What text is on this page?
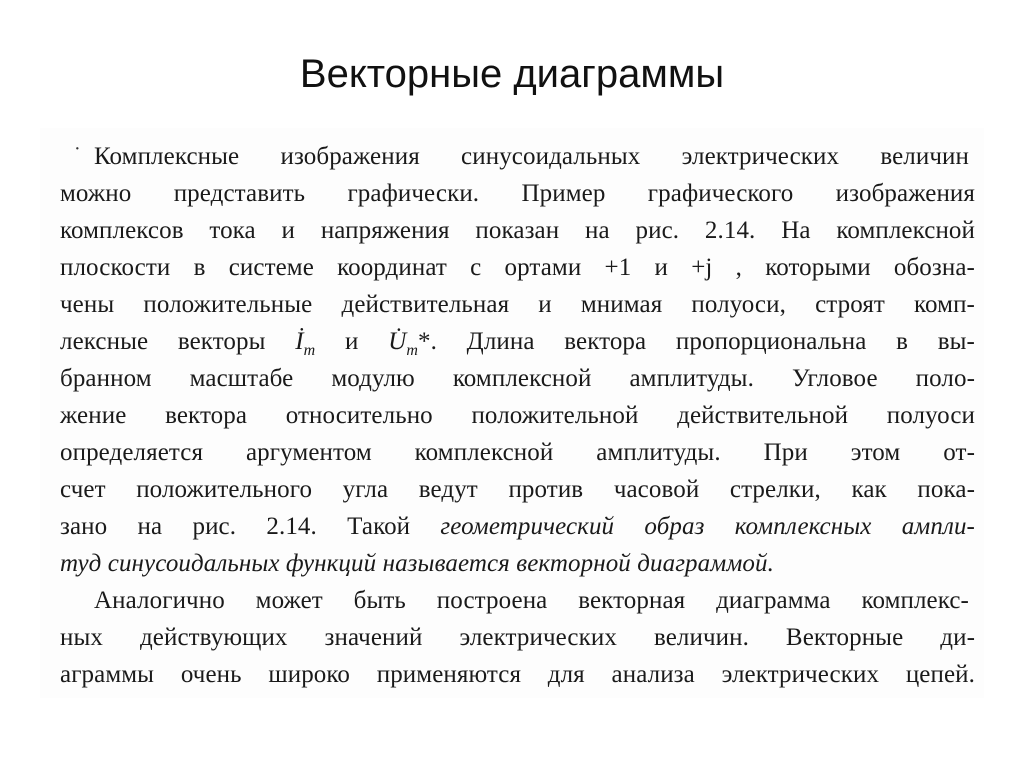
Векторные диаграммы
· Комплексные изображения синусоидальных электрических величин
можно представить графически. Пример графического изображения
комплексов тока и напряжения показан на рис. 2.14. На комплексной
плоскости в системе координат с ортами +1 и +j , которыми обозна-
чены положительные действительная и мнимая полуоси, строят комп-
лексные векторы $İ_m$ и $U̇_m*$. Длина вектора пропорциональна в вы-
бранном масштабе модулю комплексной амплитуды. Угловое поло-
жение вектора относительно положительной действительной полуоси
определяется аргументом комплексной амплитуды. При этом от-
счет положительного угла ведут против часовой стрелки, как пока-
зано на рис. 2.14. Такой геометрический образ комплексных ампли-
туд синусоидальных функций называется векторной диаграммой.
Аналогично может быть построена векторная диаграмма комплекс-
ных действующих значений электрических величин. Векторные ди-
аграммы очень широко применяются для анализа электрических цепей.
